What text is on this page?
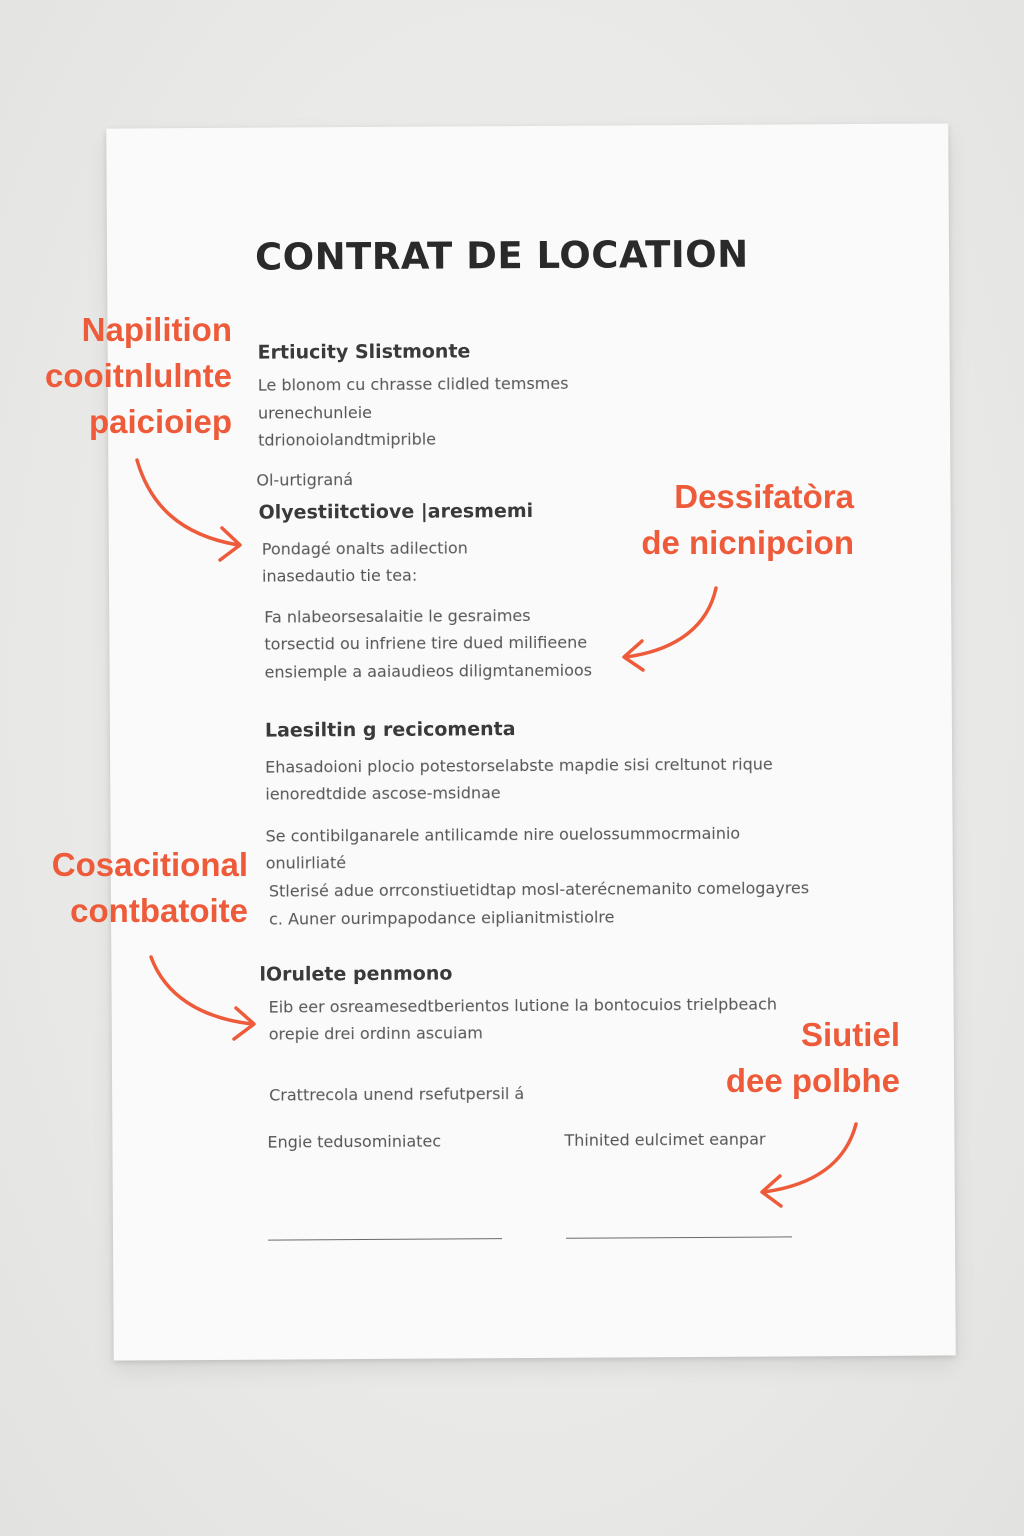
CONTRAT DE LOCATION
Ertiucity Slistmonte

Le blonom cu chrasse clidled temsmes

urenechunleie

tdrionoiolandtmiprible

Ol-urtigraná

Olyestiitctiove |aresmemi

Pondagé onalts adilection

inasedautio tie tea:

Fa nlabeorsesalaitie le gesraimes

torsectid ou infriene tire dued milifieene

ensiemple a aaiaudieos diligmtanemioos

Laesiltin g recicomenta

Ehasadoioni plocio potestorselabste mapdie sisi creltunot rique

ienoredtdide ascose-msidnae

Se contibilganarele antilicamde nire ouelossummocrmainio

onulirliaté

Stlerisé adue orrconstiuetidtap mosl-aterécnemanito comelogayres

c. Auner ourimpapodance eiplianitmistiolre

lOrulete penmono

Eib eer osreamesedtberientos lutione la bontocuios trielpbeach

orepie drei ordinn ascuiam

Crattrecola unend rsefutpersil á

Engie tedusominiatec	Thinited eulcimet eanpar

Napilition
cooitnlulnte
paicioiep
Dessifatòra
de nicnipcion
Cosacitional
contbatoite
Siutiel
dee polbhe
